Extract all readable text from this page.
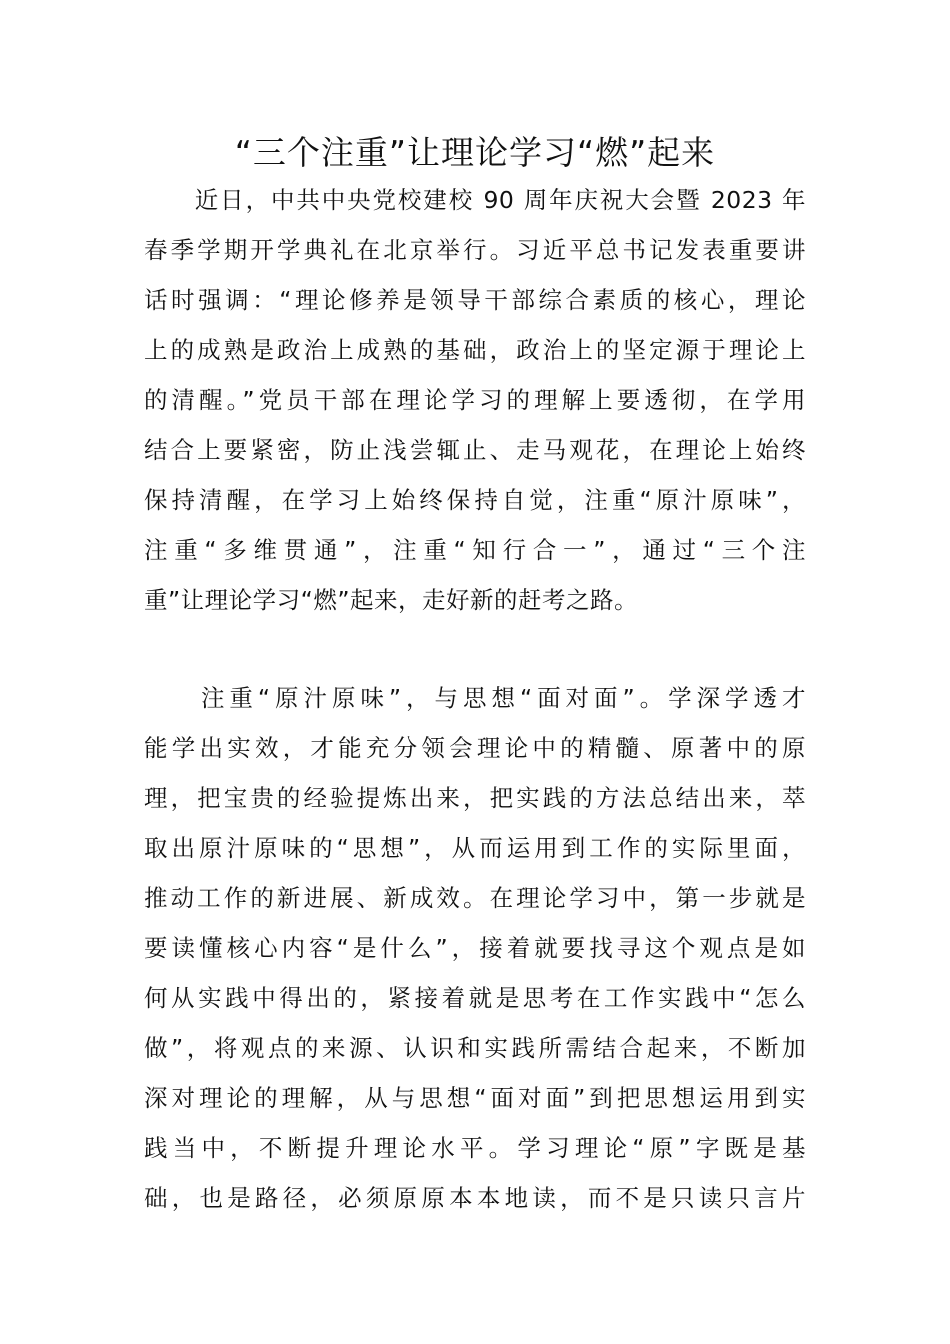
“三个注重”让理论学习“燃”起来
　　近日，中共中央党校建校 90 周年庆祝大会暨 2023 年
春季学期开学典礼在北京举行。习近平总书记发表重要讲
话时强调：“理论修养是领导干部综合素质的核心，理论
上的成熟是政治上成熟的基础，政治上的坚定源于理论上
的清醒。”党员干部在理论学习的理解上要透彻，在学用
结合上要紧密，防止浅尝辄止、走马观花，在理论上始终
保持清醒，在学习上始终保持自觉，注重“原汁原味”，
注重“多维贯通”，注重“知行合一”，通过“三个注
重”让理论学习“燃”起来，走好新的赶考之路。
　　注重“原汁原味”，与思想“面对面”。学深学透才
能学出实效，才能充分领会理论中的精髓、原著中的原
理，把宝贵的经验提炼出来，把实践的方法总结出来，萃
取出原汁原味的“思想”，从而运用到工作的实际里面，
推动工作的新进展、新成效。在理论学习中，第一步就是
要读懂核心内容“是什么”，接着就要找寻这个观点是如
何从实践中得出的，紧接着就是思考在工作实践中“怎么
做”，将观点的来源、认识和实践所需结合起来，不断加
深对理论的理解，从与思想“面对面”到把思想运用到实
践当中，不断提升理论水平。学习理论“原”字既是基
础，也是路径，必须原原本本地读，而不是只读只言片
